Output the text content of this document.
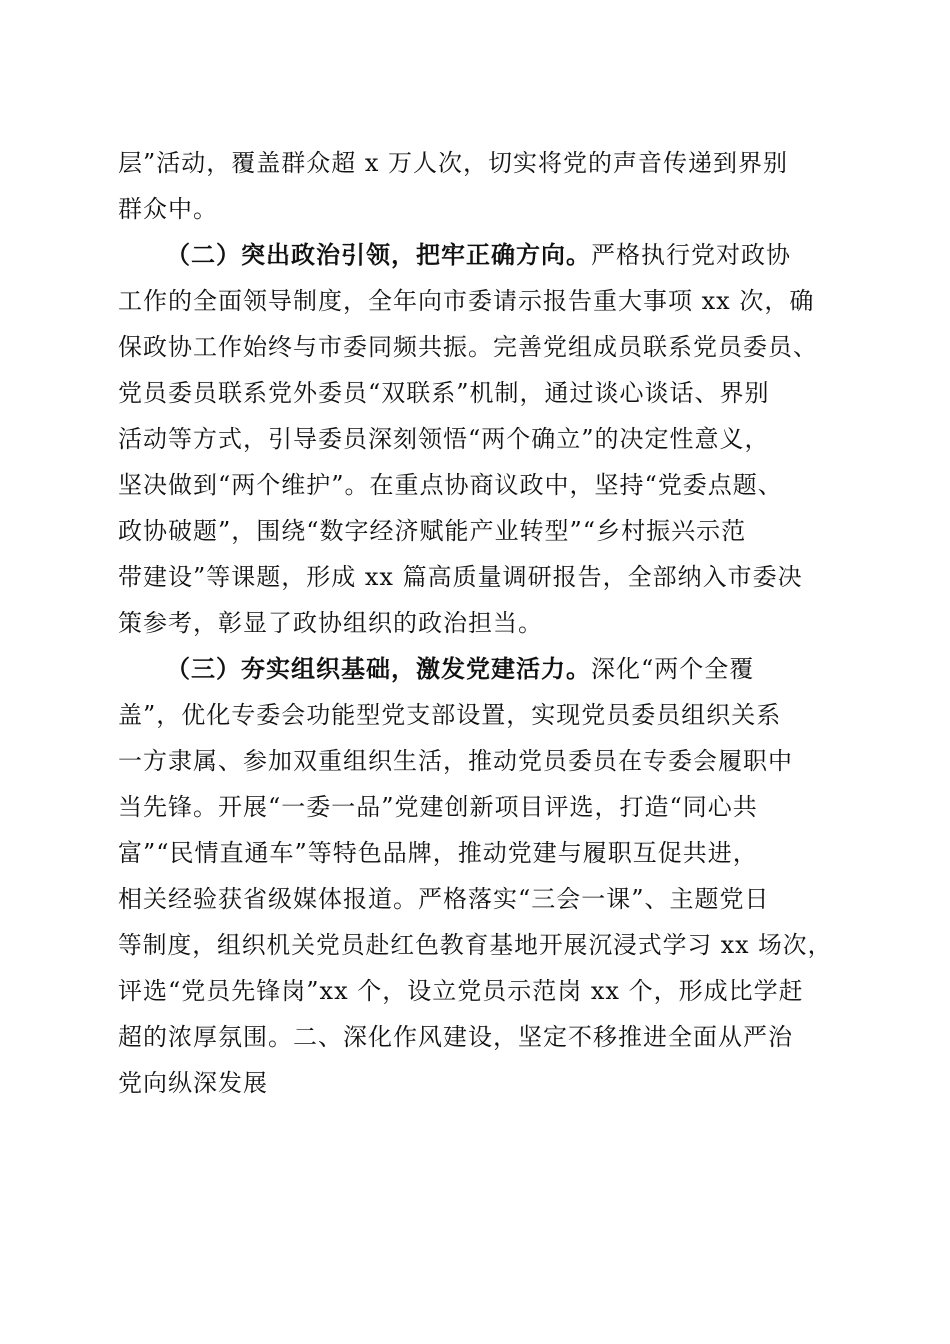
层”活动，覆盖群众超 x 万人次，切实将党的声音传递到界别
群众中。
（二）突出政治引领，把牢正确方向。严格执行党对政协
工作的全面领导制度，全年向市委请示报告重大事项 xx 次，确
保政协工作始终与市委同频共振。完善党组成员联系党员委员、
党员委员联系党外委员“双联系”机制，通过谈心谈话、界别
活动等方式，引导委员深刻领悟“两个确立”的决定性意义，
坚决做到“两个维护”。在重点协商议政中，坚持“党委点题、
政协破题”，围绕“数字经济赋能产业转型”“乡村振兴示范
带建设”等课题，形成 xx 篇高质量调研报告，全部纳入市委决
策参考，彰显了政协组织的政治担当。
（三）夯实组织基础，激发党建活力。深化“两个全覆
盖”，优化专委会功能型党支部设置，实现党员委员组织关系
一方隶属、参加双重组织生活，推动党员委员在专委会履职中
当先锋。开展“一委一品”党建创新项目评选，打造“同心共
富”“民情直通车”等特色品牌，推动党建与履职互促共进，
相关经验获省级媒体报道。严格落实“三会一课”、主题党日
等制度，组织机关党员赴红色教育基地开展沉浸式学习 xx 场次，
评选“党员先锋岗”xx 个，设立党员示范岗 xx 个，形成比学赶
超的浓厚氛围。二、深化作风建设，坚定不移推进全面从严治
党向纵深发展
